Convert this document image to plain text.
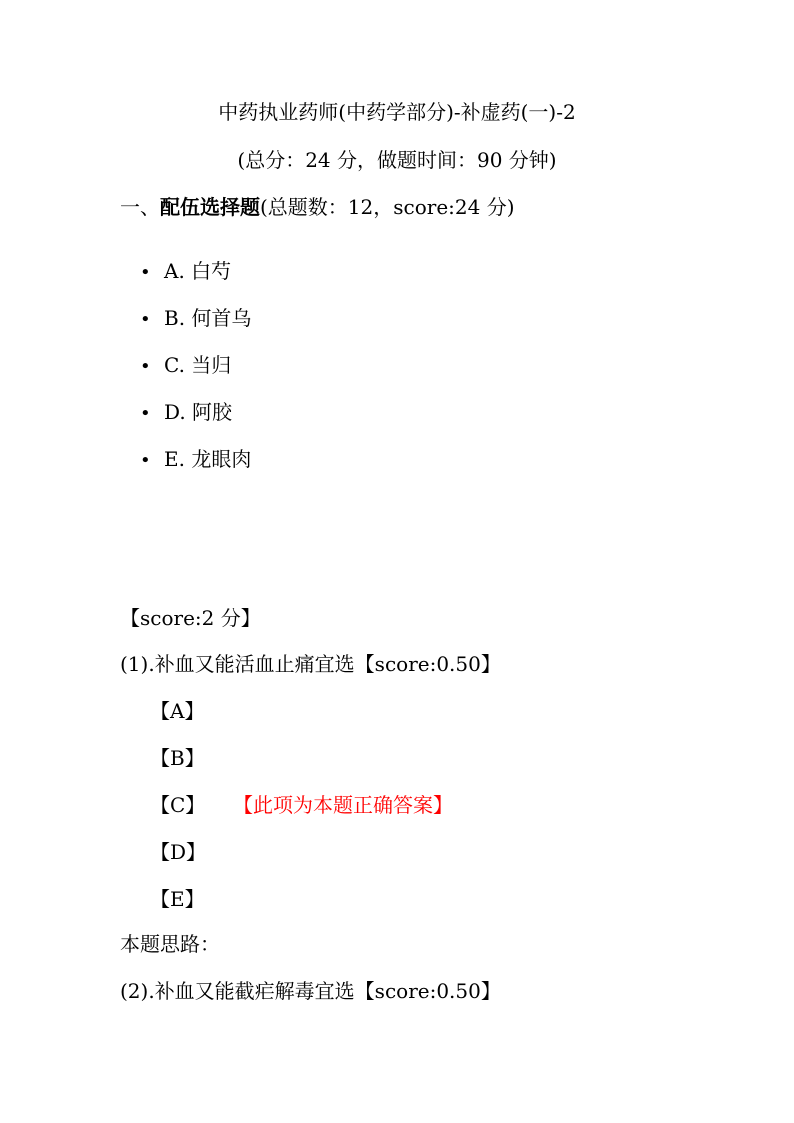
中药执业药师(中药学部分)-补虚药(一)-2
(总分：24 分，做题时间：90 分钟)
一、配伍选择题(总题数：12，score:24 分)
• A. 白芍
• B. 何首乌
• C. 当归
• D. 阿胶
• E. 龙眼肉
【score:2 分】
(1).补血又能活血止痛宜选【score:0.50】
【A】
【B】
【C】 【此项为本题正确答案】
【D】
【E】
本题思路：
(2).补血又能截疟解毒宜选【score:0.50】
